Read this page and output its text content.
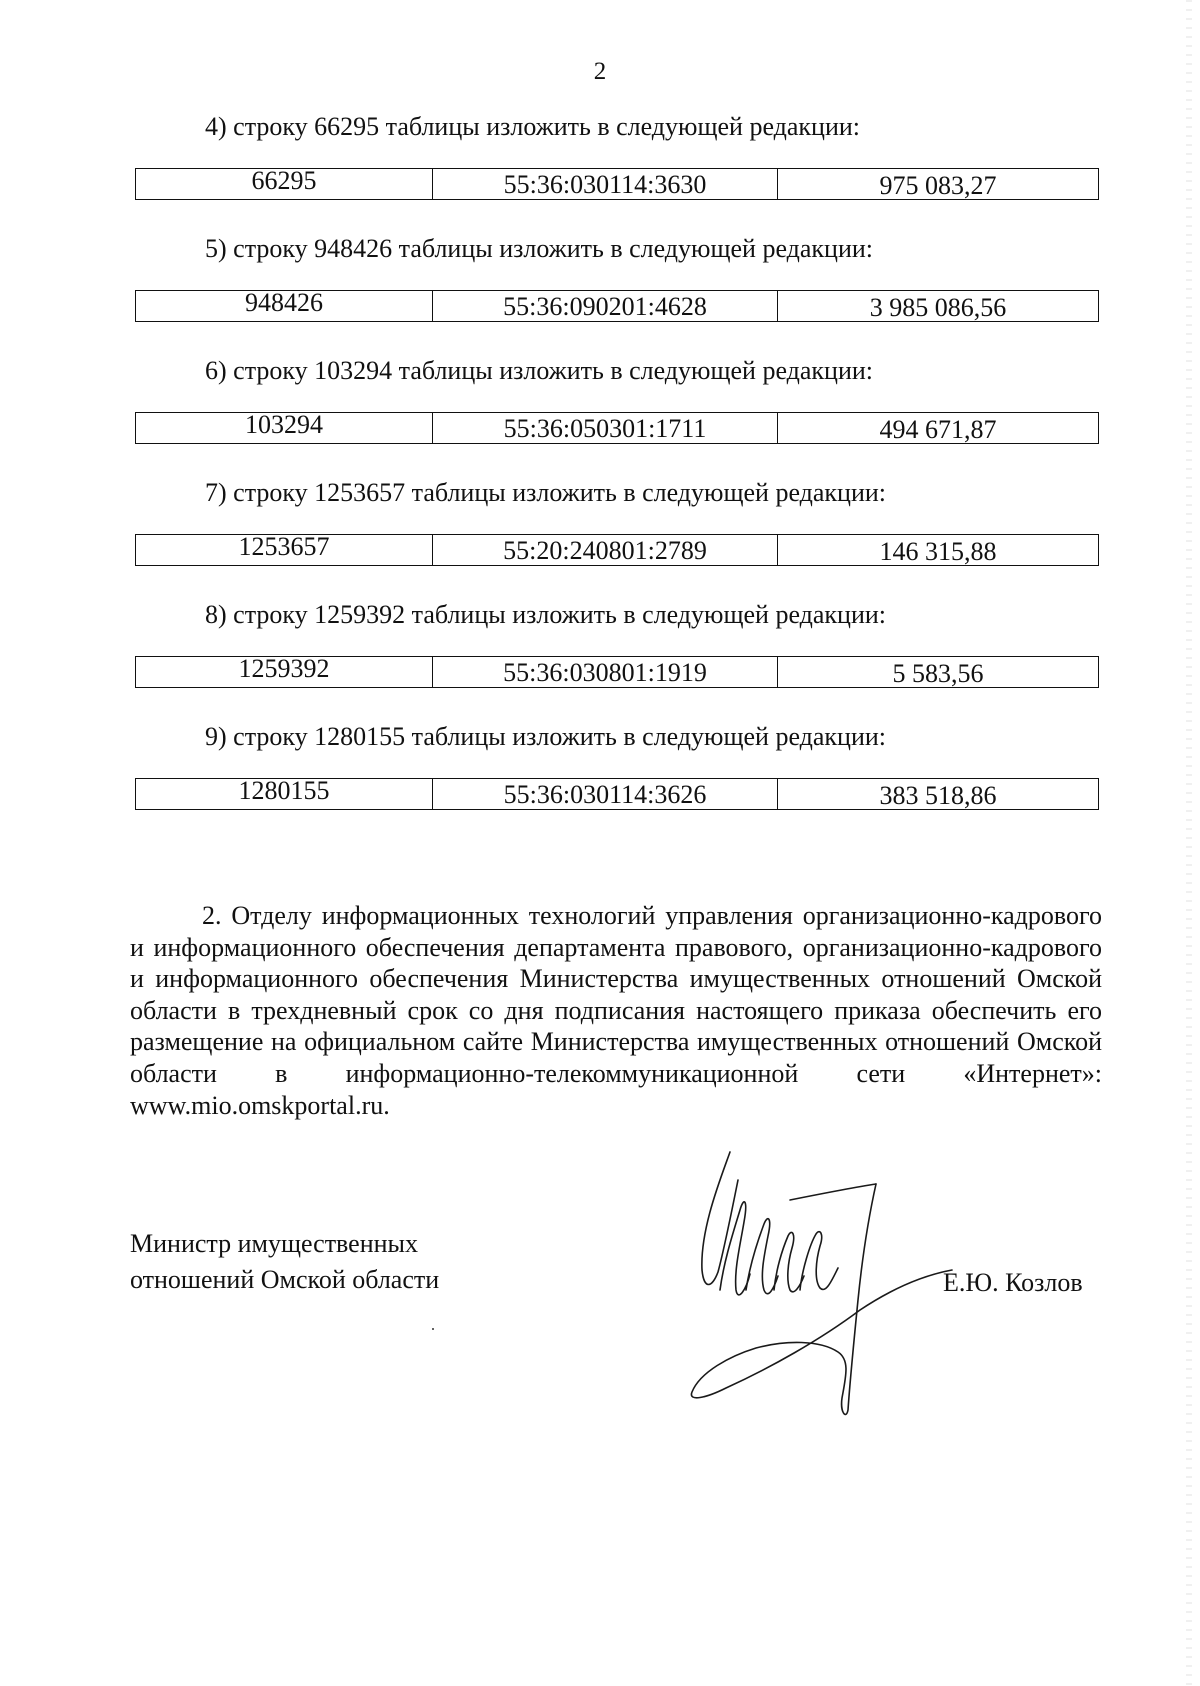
2
4) строку 66295 таблицы изложить в следующей редакции:
66295	55:36:030114:3630	975 083,27
5) строку 948426 таблицы изложить в следующей редакции:
948426	55:36:090201:4628	3 985 086,56
6) строку 103294 таблицы изложить в следующей редакции:
103294	55:36:050301:1711	494 671,87
7) строку 1253657 таблицы изложить в следующей редакции:
1253657	55:20:240801:2789	146 315,88
8) строку 1259392 таблицы изложить в следующей редакции:
1259392	55:36:030801:1919	5 583,56
9) строку 1280155 таблицы изложить в следующей редакции:
1280155	55:36:030114:3626	383 518,86
2. Отделу информационных технологий управления организационно-кадрового и информационного обеспечения департамента правового, организационно-кадрового и информационного обеспечения Министерства имущественных отношений Омской области в трехдневный срок со дня подписания настоящего приказа обеспечить его размещение на официальном сайте Министерства имущественных отношений Омской области в информационно-телекоммуникационной сети «Интернет»: www.mio.omskportal.ru.
Министр имущественных
отношений Омской области	Е.Ю. Козлов
